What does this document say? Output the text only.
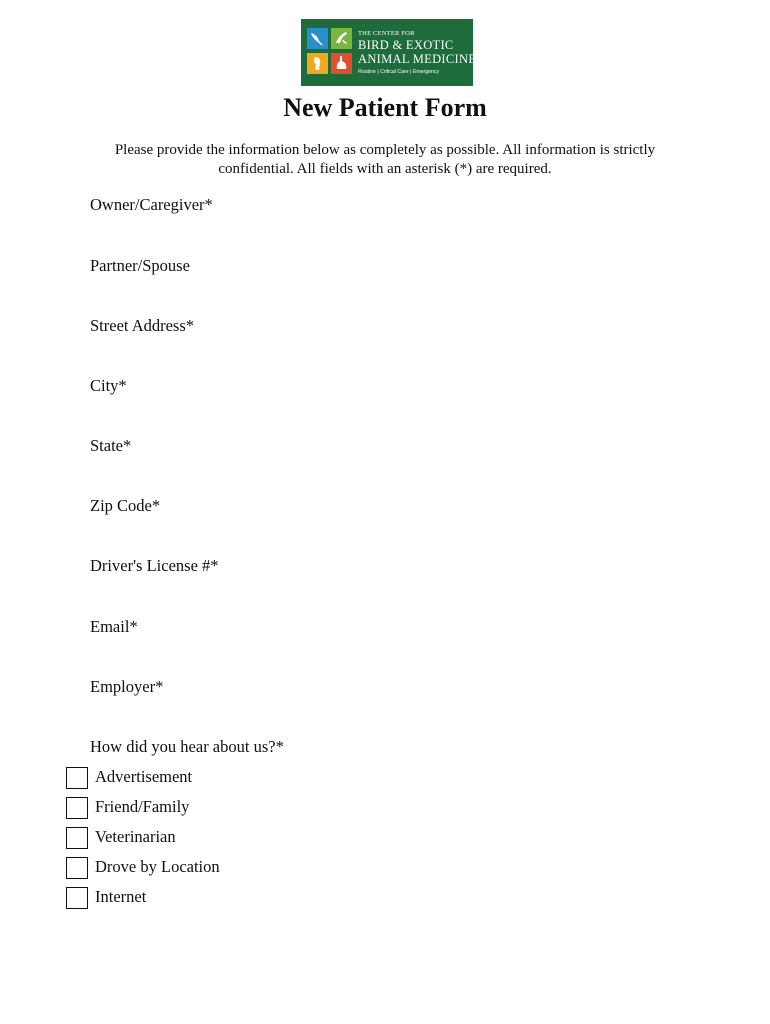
THE CENTER FOR
BIRD & EXOTIC
ANIMAL MEDICINE
Routine | Critical Care | Emergency
New Patient Form

Please provide the information below as completely as possible. All information is strictly confidential. All fields with an asterisk (*) are required.

Owner/Caregiver*
Partner/Spouse
Street Address*
City*
State*
Zip Code*
Driver's License #*
Email*
Employer*
How did you hear about us?*
Advertisement
Friend/Family
Veterinarian
Drove by Location
Internet
